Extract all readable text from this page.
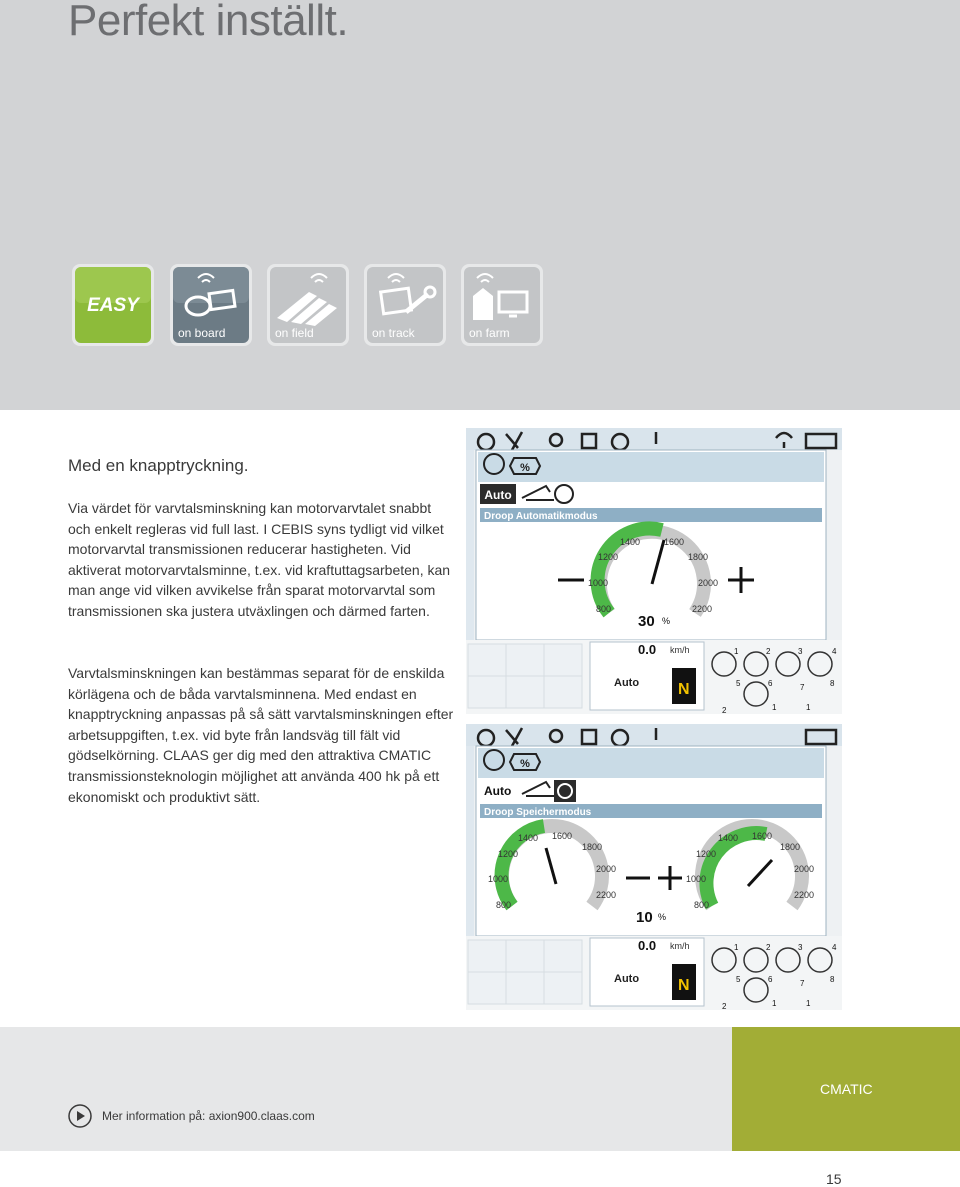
Perfekt inställt.
EASY
on board	on field	on track	on farm
Med en knapptryckning.

Via värdet för varvtalsminskning kan motorvarvtalet snabbt och enkelt regleras vid full last. I CEBIS syns tydligt vid vilket motorvarvtal transmissionen reducerar hastigheten. Vid aktiverat motorvarvtalsminne, t.ex. vid kraftuttagsarbeten, kan man ange vid vilken avvikelse från sparat motorvarvtal som transmissionen ska justera utväxlingen och därmed farten.

Varvtalsminskningen kan bestämmas separat för de enskilda körlägena och de båda varvtalsminnena. Med endast en knapptryckning anpassas på så sätt varvtalsminskningen efter arbetsuppgiften, t.ex. vid byte från landsväg till fält vid gödselkörning. CLAAS ger dig med den attraktiva CMATIC transmissionsteknologin möjlighet att använda 400 hk på ett ekonomiskt och produktivt sätt.

%
Auto
Droop Automatikmodus
800
1000
1200
1400	1600
1800
2000
2200
30 %
0.0 km/h
Auto N
1	2	3	4
5	6	7	8
2	1	1
%
Auto
Droop Speichermodus
800
1000
1200
1400 1600
1800
2000
2200
800
1000
1200
1400 1600
1800
2000
2200
10 %
0.0 km/h
Auto N
1	2	3	4
5	6	7	8
2	1	1
CMATIC
Mer information på: axion900.claas.com
15
